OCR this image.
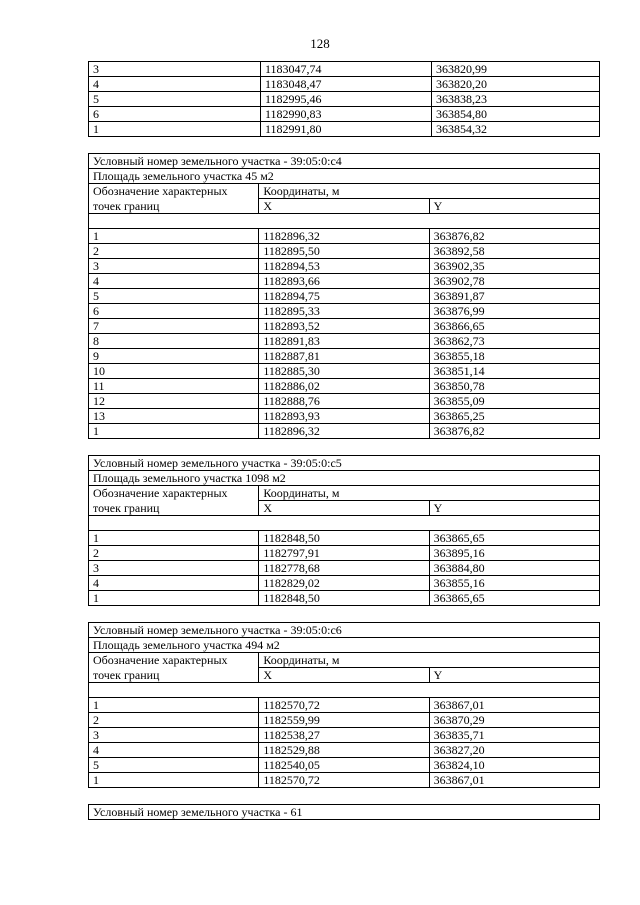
128
3	1183047,74	363820,99
4	1183048,47	363820,20
5	1182995,46	363838,23
6	1182990,83	363854,80
1	1182991,80	363854,32
Условный номер земельного участка - 39:05:0:с4		
Площадь земельного участка 45 м2		
Обозначение характерных	Координаты, м	
точек границ	X	Y

1	1182896,32	363876,82
2	1182895,50	363892,58
3	1182894,53	363902,35
4	1182893,66	363902,78
5	1182894,75	363891,87
6	1182895,33	363876,99
7	1182893,52	363866,65
8	1182891,83	363862,73
9	1182887,81	363855,18
10	1182885,30	363851,14
11	1182886,02	363850,78
12	1182888,76	363855,09
13	1182893,93	363865,25
1	1182896,32	363876,82
Условный номер земельного участка - 39:05:0:с5		
Площадь земельного участка 1098 м2		
Обозначение характерных	Координаты, м	
точек границ	X	Y

1	1182848,50	363865,65
2	1182797,91	363895,16
3	1182778,68	363884,80
4	1182829,02	363855,16
1	1182848,50	363865,65
Условный номер земельного участка - 39:05:0:с6		
Площадь земельного участка 494 м2		
Обозначение характерных	Координаты, м	
точек границ	X	Y

1	1182570,72	363867,01
2	1182559,99	363870,29
3	1182538,27	363835,71
4	1182529,88	363827,20
5	1182540,05	363824,10
1	1182570,72	363867,01
Условный номер земельного участка - 61
